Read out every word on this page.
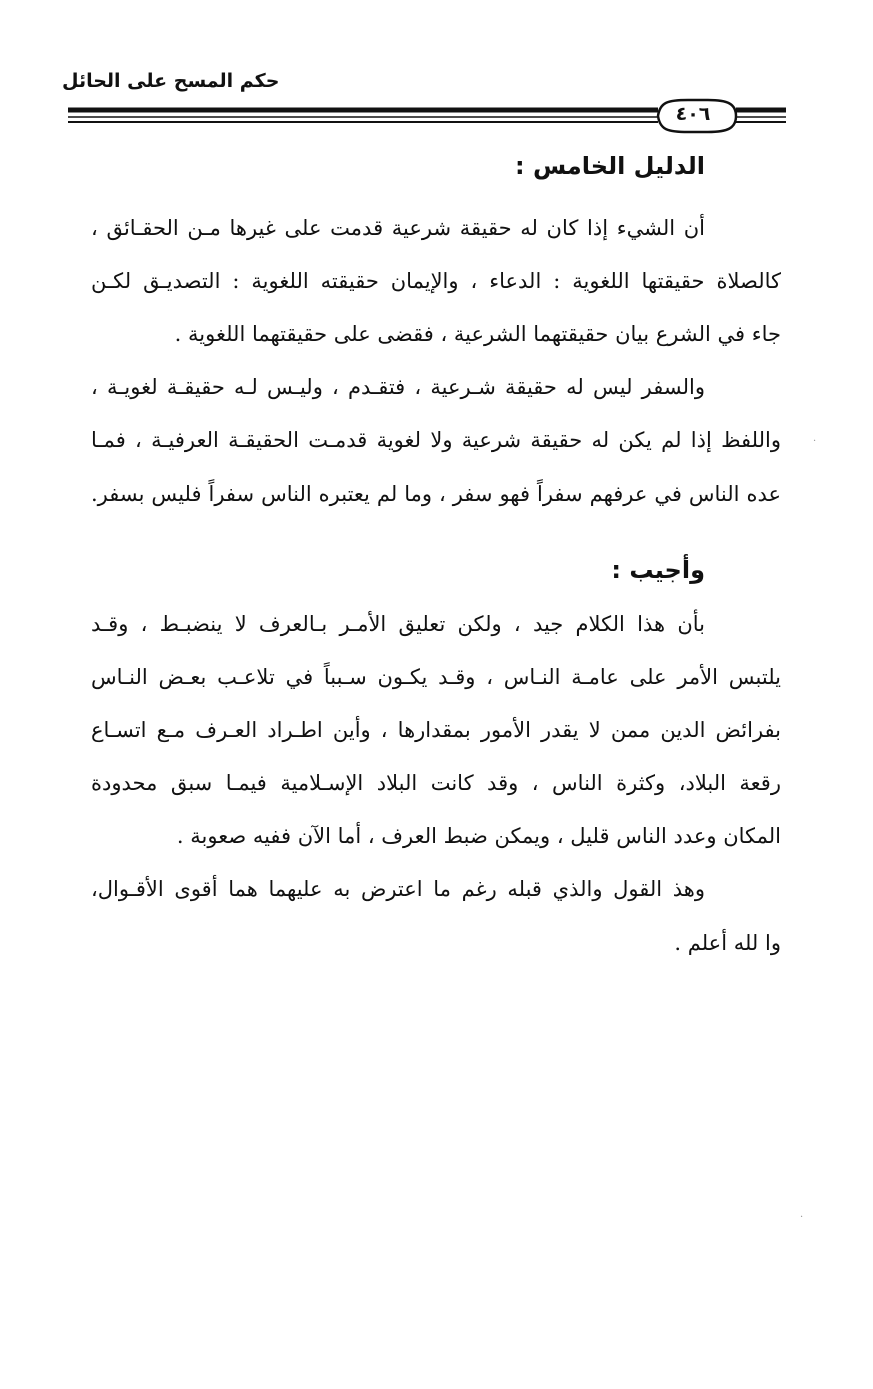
حكم المسح على الحائل
٤٠٦
الدليل الخامس :
أن الشيء إذا كان له حقيقة شرعية قدمت على غيرها مـن الحقـائق ،
كالصلاة حقيقتها اللغوية : الدعاء ، والإيمان حقيقته اللغوية : التصديـق لكـن
جاء في الشرع بيان حقيقتهما الشرعية ، فقضى على حقيقتهما اللغوية .
والسفر ليس له حقيقة شـرعية ، فتقـدم ، وليـس لـه حقيقـة لغويـة ،
واللفظ إذا لم يكن له حقيقة شرعية ولا لغوية قدمـت الحقيقـة العرفيـة ، فمـا
عده الناس في عرفهم سفراً فهو سفر ، وما لم يعتبره الناس سفراً فليس بسفر.
وأجيب :
بأن هذا الكلام جيد ، ولكن تعليق الأمـر بـالعرف لا ينضبـط ، وقـد
يلتبس الأمر على عامـة النـاس ، وقـد يكـون سـبباً في تلاعـب بعـض النـاس
بفرائض الدين ممن لا يقدر الأمور بمقدارها ، وأين اطـراد العـرف مـع اتسـاع
رقعة البلاد، وكثرة الناس ، وقد كانت البلاد الإسـلامية فيمـا سبق محدودة
المكان وعدد الناس قليل ، ويمكن ضبط العرف ، أما الآن ففيه صعوبة .
وهذ القول والذي قبله رغم ما اعترض به عليهما هما أقوى الأقـوال،
وا لله أعلم .
·
·
